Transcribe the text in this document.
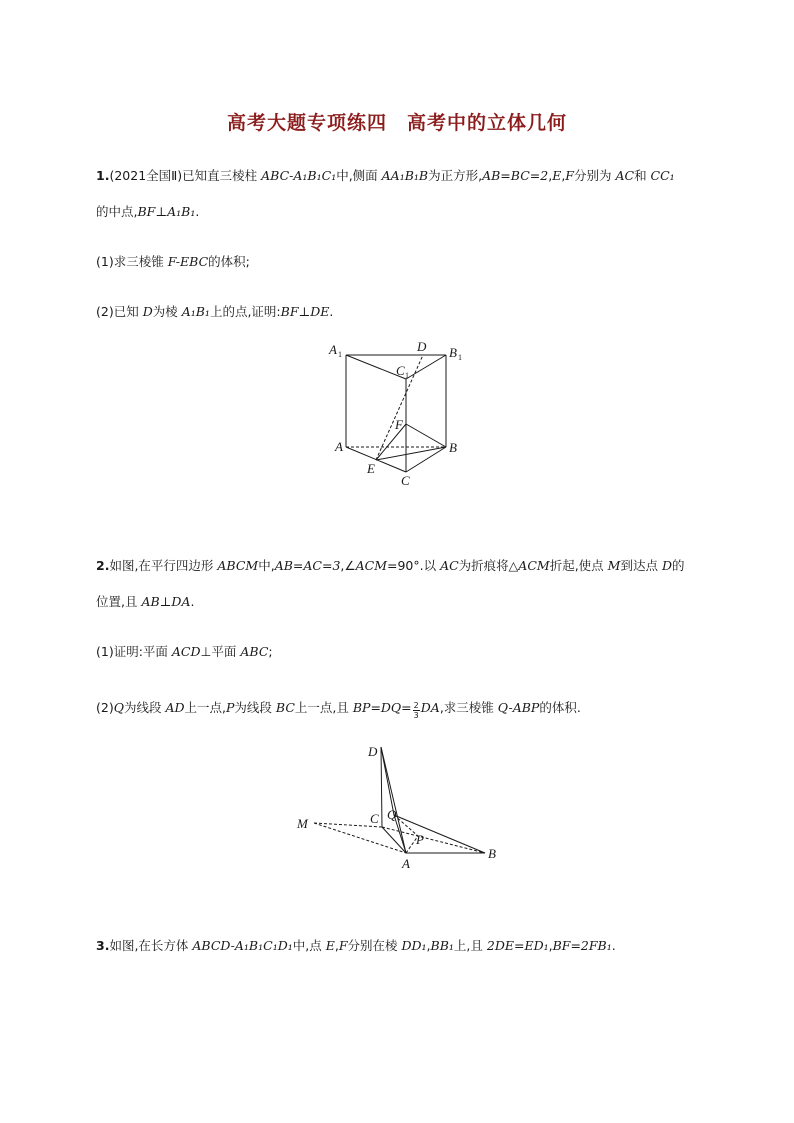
高考大题专项练四　高考中的立体几何
1.(2021全国Ⅱ)已知直三棱柱 ABC-A₁B₁C₁中,侧面 AA₁B₁B为正方形,AB=BC=2,E,F分别为 AC和 CC₁
的中点,BF⊥A₁B₁.
(1)求三棱锥 F-EBC的体积;
(2)已知 D为棱 A₁B₁上的点,证明:BF⊥DE.
A 1	B 1
C 1
D
A	B
C
E
F
2.如图,在平行四边形 ABCM中,AB=AC=3,∠ACM=90°.以 AC为折痕将△ACM折起,使点 M到达点 D的
位置,且 AB⊥DA.
(1)证明:平面 ACD⊥平面 ABC;
(2)Q为线段 AD上一点,P为线段 BC上一点,且 $BP=DQ= \frac{2}{3}$ DA,求三棱锥 Q-ABP的体积.
D
C Q
M
P
A
B
3.如图,在长方体 ABCD-A₁B₁C₁D₁中,点 E,F分别在棱 DD₁,BB₁上,且 2DE=ED₁,BF=2FB₁.
